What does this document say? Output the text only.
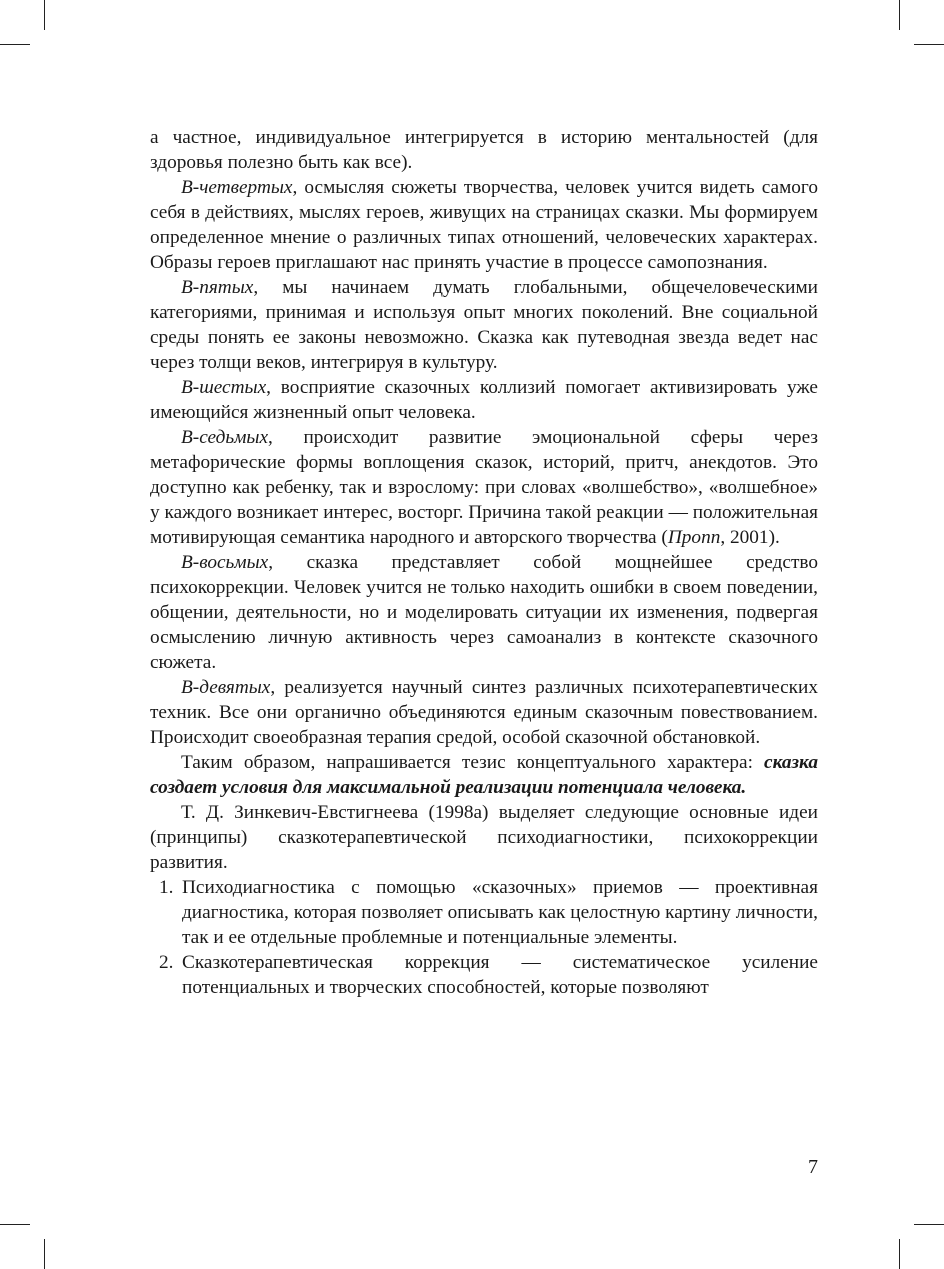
а частное, индивидуальное интегрируется в историю ментальностей (для здоровья полезно быть как все).

В-четвертых, осмысляя сюжеты творчества, человек учится видеть самого себя в действиях, мыслях героев, живущих на страницах сказки. Мы формируем определенное мнение о различных типах отношений, человеческих характерах. Образы героев приглашают нас принять участие в процессе самопознания.

В-пятых, мы начинаем думать глобальными, общечеловеческими категориями, принимая и используя опыт многих поколений. Вне социальной среды понять ее законы невозможно. Сказка как путеводная звезда ведет нас через толщи веков, интегрируя в культуру.

В-шестых, восприятие сказочных коллизий помогает активизировать уже имеющийся жизненный опыт человека.

В-седьмых, происходит развитие эмоциональной сферы через метафорические формы воплощения сказок, историй, притч, анекдотов. Это доступно как ребенку, так и взрослому: при словах «волшебство», «волшебное» у каждого возникает интерес, восторг. Причина такой реакции — положительная мотивирующая семантика народного и авторского творчества (Пропп, 2001).

В-восьмых, сказка представляет собой мощнейшее средство психокоррекции. Человек учится не только находить ошибки в своем поведении, общении, деятельности, но и моделировать ситуации их изменения, подвергая осмыслению личную активность через самоанализ в контексте сказочного сюжета.

В-девятых, реализуется научный синтез различных психотерапевтических техник. Все они органично объединяются единым сказочным повествованием. Происходит своеобразная терапия средой, особой сказочной обстановкой.

Таким образом, напрашивается тезис концептуального характера: сказка создает условия для максимальной реализации потенциала человека.

Т. Д. Зинкевич-Евстигнеева (1998а) выделяет следующие основные идеи (принципы) сказкотерапевтической психодиагностики, психокоррекции развития.

1. Психодиагностика с помощью «сказочных» приемов — проективная диагностика, которая позволяет описывать как целостную картину личности, так и ее отдельные проблемные и потенциальные элементы.
2. Сказкотерапевтическая коррекция — систематическое усиление потенциальных и творческих способностей, которые позволяют
7
